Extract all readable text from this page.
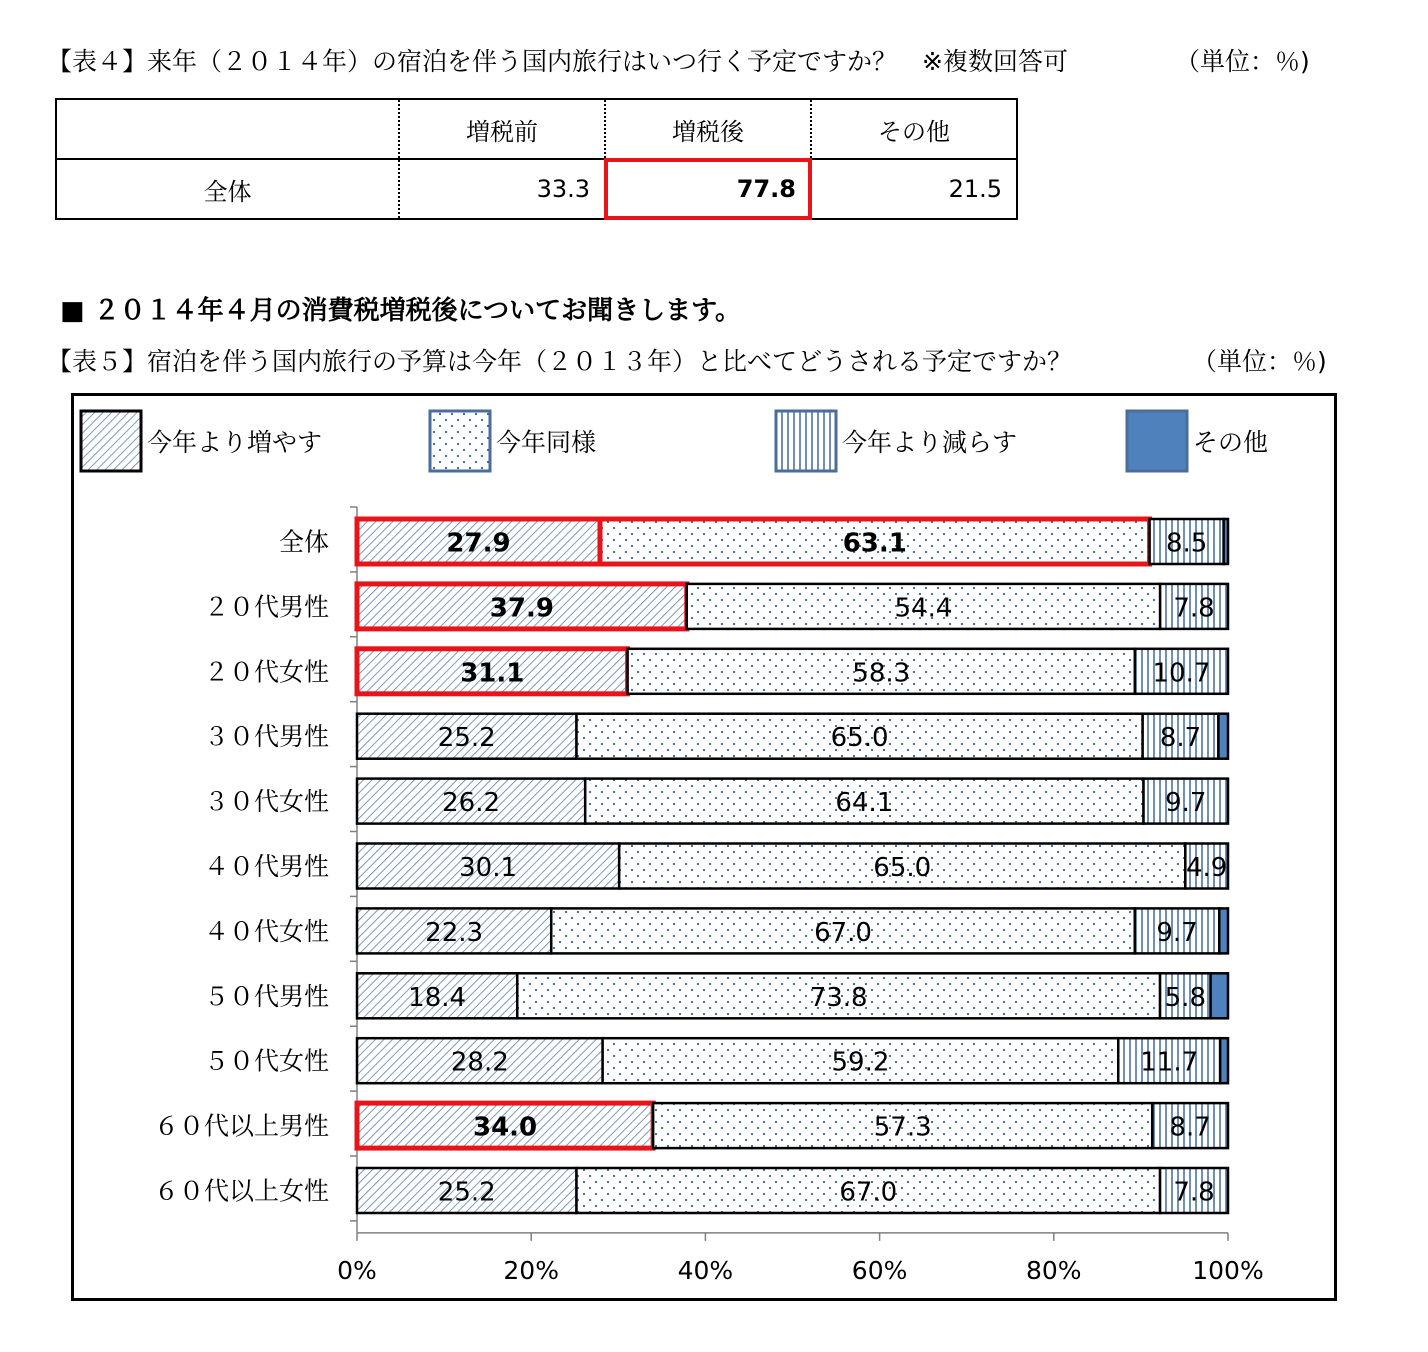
【表４】来年（２０１４年）の宿泊を伴う国内旅行はいつ行く予定ですか？　※複数回答可	（単位：％)
	増税前	増税後	その他
全体	33.3	77.8	21.5
■ ２０１４年４月の消費税増税後についてお聞きします。
【表５】宿泊を伴う国内旅行の予算は今年（２０１３年）と比べてどうされる予定ですか？	（単位：％)
今年より増やす	今年同様	今年より減らす	その他
0%	20%	40%	60%	80%	100%
全体	27.9	63.1	8.5
２０代男性	37.9	54.4	7.8
２０代女性	31.1	58.3	10.7
３０代男性	25.2	65.0	8.7
３０代女性	26.2	64.1	9.7
４０代男性	30.1	65.0	4.9
４０代女性	22.3	67.0	9.7
５０代男性	18.4	73.8	5.8
５０代女性	28.2	59.2	11.7
６０代以上男性	34.0	57.3	8.7
６０代以上女性	25.2	67.0	7.8
